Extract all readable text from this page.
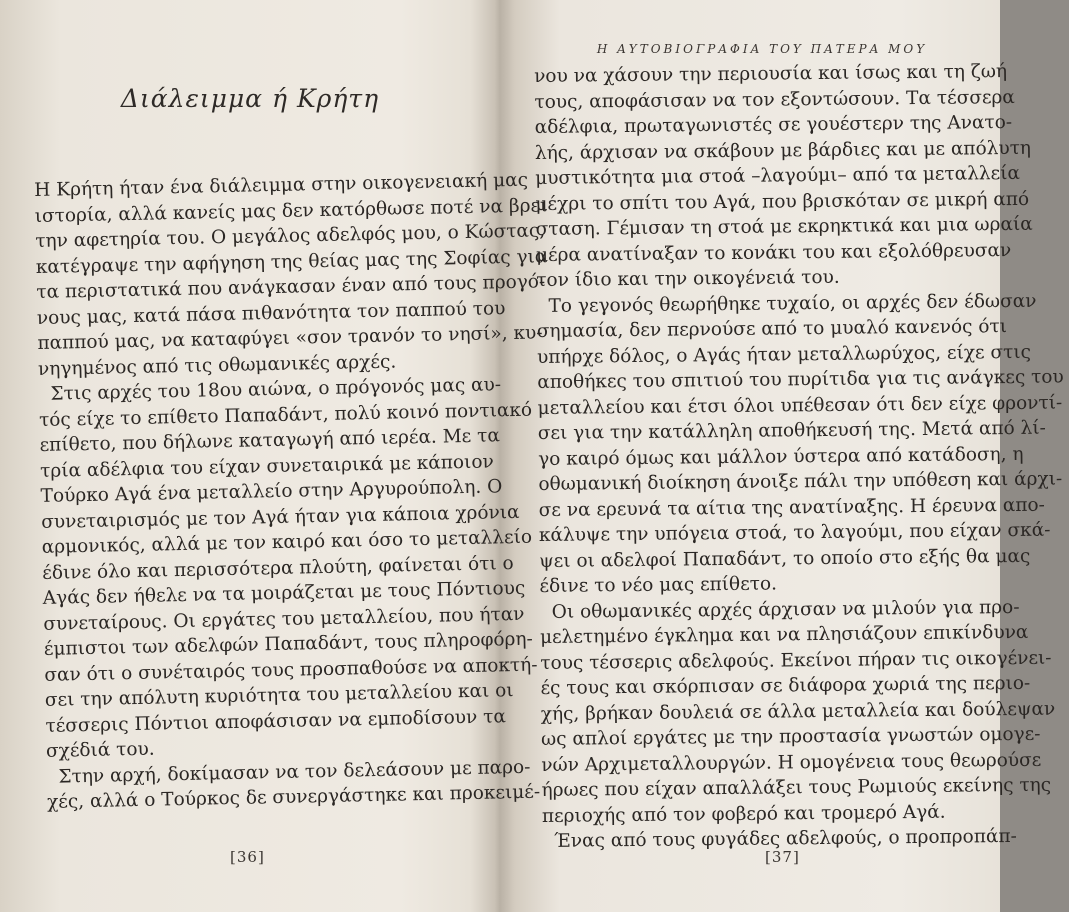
Διάλειμμα ή Κρήτη
Η Κρήτη ήταν ένα διάλειμμα στην οικογενειακή μας
ιστορία, αλλά κανείς μας δεν κατόρθωσε ποτέ να βρει
την αφετηρία του. Ο μεγάλος αδελφός μου, ο Κώστας,
κατέγραψε την αφήγηση της θείας μας της Σοφίας για
τα περιστατικά που ανάγκασαν έναν από τους προγό-
νους μας, κατά πάσα πιθανότητα τον παππού του
παππού μας, να καταφύγει «σον τρανόν το νησί», κυ-
νηγημένος από τις οθωμανικές αρχές.
Στις αρχές του 18ου αιώνα, ο πρόγονός μας αυ-
τός είχε το επίθετο Παπαδάντ, πολύ κοινό ποντιακό
επίθετο, που δήλωνε καταγωγή από ιερέα. Με τα
τρία αδέλφια του είχαν συνεταιρικά με κάποιον
Τούρκο Αγά ένα μεταλλείο στην Αργυρούπολη. Ο
συνεταιρισμός με τον Αγά ήταν για κάποια χρόνια
αρμονικός, αλλά με τον καιρό και όσο το μεταλλείο
έδινε όλο και περισσότερα πλούτη, φαίνεται ότι ο
Αγάς δεν ήθελε να τα μοιράζεται με τους Πόντιους
συνεταίρους. Οι εργάτες του μεταλλείου, που ήταν
έμπιστοι των αδελφών Παπαδάντ, τους πληροφόρη-
σαν ότι ο συνέταιρός τους προσπαθούσε να αποκτή-
σει την απόλυτη κυριότητα του μεταλλείου και οι
τέσσερις Πόντιοι αποφάσισαν να εμποδίσουν τα
σχέδιά του.
Στην αρχή, δοκίμασαν να τον δελεάσουν με παρο-
χές, αλλά ο Τούρκος δε συνεργάστηκε και προκειμέ-
[36]
Η ΑΥΤΟΒΙΟΓΡΑΦΙΑ ΤΟΥ ΠΑΤΕΡΑ ΜΟΥ
νου να χάσουν την περιουσία και ίσως και τη ζωή
τους, αποφάσισαν να τον εξοντώσουν. Τα τέσσερα
αδέλφια, πρωταγωνιστές σε γουέστερν της Ανατο-
λής, άρχισαν να σκάβουν με βάρδιες και με απόλυτη
μυστικότητα μια στοά –λαγούμι– από τα μεταλλεία
μέχρι το σπίτι του Αγά, που βρισκόταν σε μικρή από
σταση. Γέμισαν τη στοά με εκρηκτικά και μια ωραία
μέρα ανατίναξαν το κονάκι του και εξολόθρευσαν
τον ίδιο και την οικογένειά του.
Το γεγονός θεωρήθηκε τυχαίο, οι αρχές δεν έδωσαν
σημασία, δεν περνούσε από το μυαλό κανενός ότι
υπήρχε δόλος, ο Αγάς ήταν μεταλλωρύχος, είχε στις
αποθήκες του σπιτιού του πυρίτιδα για τις ανάγκες του
μεταλλείου και έτσι όλοι υπέθεσαν ότι δεν είχε φροντί-
σει για την κατάλληλη αποθήκευσή της. Μετά από λί-
γο καιρό όμως και μάλλον ύστερα από κατάδοση, η
οθωμανική διοίκηση άνοιξε πάλι την υπόθεση και άρχι-
σε να ερευνά τα αίτια της ανατίναξης. Η έρευνα απο-
κάλυψε την υπόγεια στοά, το λαγούμι, που είχαν σκά-
ψει οι αδελφοί Παπαδάντ, το οποίο στο εξής θα μας
έδινε το νέο μας επίθετο.
Οι οθωμανικές αρχές άρχισαν να μιλούν για προ-
μελετημένο έγκλημα και να πλησιάζουν επικίνδυνα
τους τέσσερις αδελφούς. Εκείνοι πήραν τις οικογένει-
ές τους και σκόρπισαν σε διάφορα χωριά της περιο-
χής, βρήκαν δουλειά σε άλλα μεταλλεία και δούλεψαν
ως απλοί εργάτες με την προστασία γνωστών ομογε-
νών Αρχιμεταλλουργών. Η ομογένεια τους θεωρούσε
ήρωες που είχαν απαλλάξει τους Ρωμιούς εκείνης της
περιοχής από τον φοβερό και τρομερό Αγά.
Ένας από τους φυγάδες αδελφούς, ο προπροπάπ-
[37]
